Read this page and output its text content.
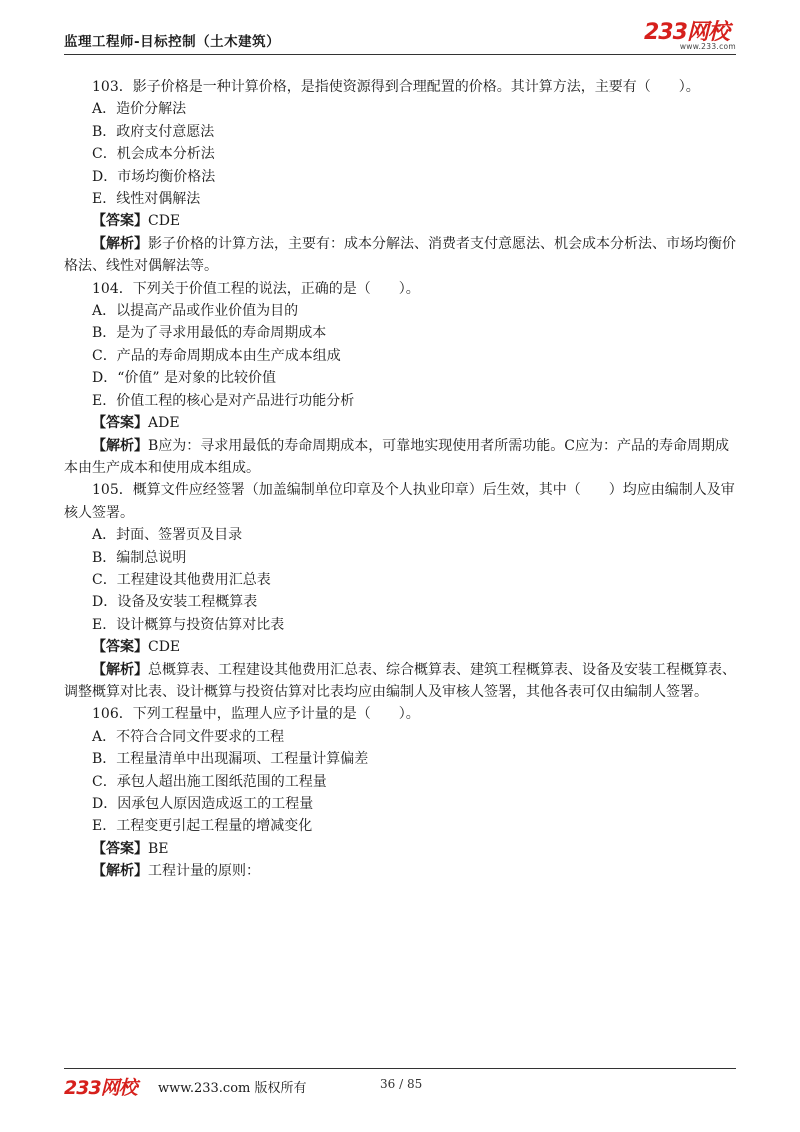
监理工程师-目标控制（土木建筑）	233网校
www.233.com
103．影子价格是一种计算价格，是指使资源得到合理配置的价格。其计算方法，主要有（　　）。
A．造价分解法
B．政府支付意愿法
C．机会成本分析法
D．市场均衡价格法
E．线性对偶解法
【答案】CDE
【解析】影子价格的计算方法，主要有：成本分解法、消费者支付意愿法、机会成本分析法、市场均衡价格法、线性对偶解法等。
104．下列关于价值工程的说法，正确的是（　　）。
A．以提高产品或作业价值为目的
B．是为了寻求用最低的寿命周期成本
C．产品的寿命周期成本由生产成本组成
D．“价值” 是对象的比较价值
E．价值工程的核心是对产品进行功能分析
【答案】ADE
【解析】B应为：寻求用最低的寿命周期成本，可靠地实现使用者所需功能。C应为：产品的寿命周期成本由生产成本和使用成本组成。
105．概算文件应经签署（加盖编制单位印章及个人执业印章）后生效，其中（　　）均应由编制人及审核人签署。
A．封面、签署页及目录
B．编制总说明
C．工程建设其他费用汇总表
D．设备及安装工程概算表
E．设计概算与投资估算对比表
【答案】CDE
【解析】总概算表、工程建设其他费用汇总表、综合概算表、建筑工程概算表、设备及安装工程概算表、调整概算对比表、设计概算与投资估算对比表均应由编制人及审核人签署，其他各表可仅由编制人签署。
106．下列工程量中，监理人应予计量的是（　　）。
A．不符合合同文件要求的工程
B．工程量清单中出现漏项、工程量计算偏差
C．承包人超出施工图纸范围的工程量
D．因承包人原因造成返工的工程量
E．工程变更引起工程量的增减变化
【答案】BE
【解析】工程计量的原则：
233网校 www.233.com 版权所有	36 / 85
